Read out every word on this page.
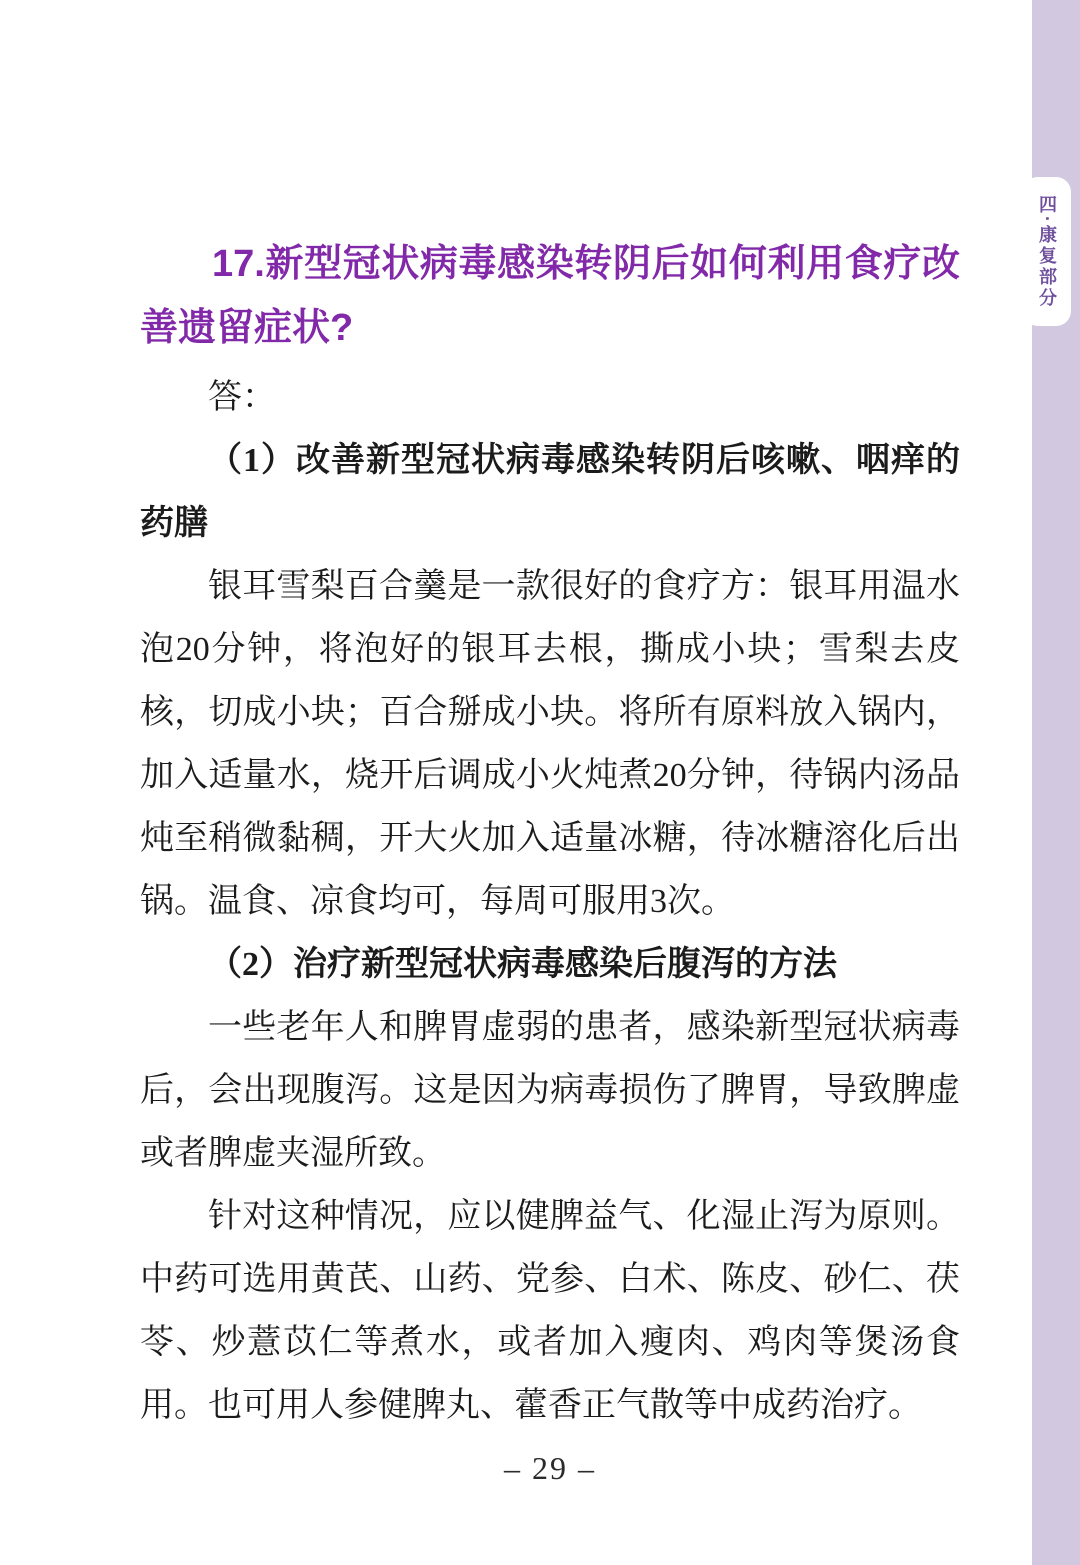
四·康复部分
17.新型冠状病毒感染转阴后如何利用食疗改善遗留症状?

答：

（1）改善新型冠状病毒感染转阴后咳嗽、咽痒的药膳

银耳雪梨百合羹是一款很好的食疗方：银耳用温水泡20分钟，将泡好的银耳去根，撕成小块；雪梨去皮核，切成小块；百合掰成小块。将所有原料放入锅内，加入适量水，烧开后调成小火炖煮20分钟，待锅内汤品炖至稍微黏稠，开大火加入适量冰糖，待冰糖溶化后出锅。温食、凉食均可，每周可服用3次。

（2）治疗新型冠状病毒感染后腹泻的方法

一些老年人和脾胃虚弱的患者，感染新型冠状病毒后，会出现腹泻。这是因为病毒损伤了脾胃，导致脾虚或者脾虚夹湿所致。

针对这种情况，应以健脾益气、化湿止泻为原则。中药可选用黄芪、山药、党参、白术、陈皮、砂仁、茯苓、炒薏苡仁等煮水，或者加入瘦肉、鸡肉等煲汤食用。也可用人参健脾丸、藿香正气散等中成药治疗。

– 29 –
